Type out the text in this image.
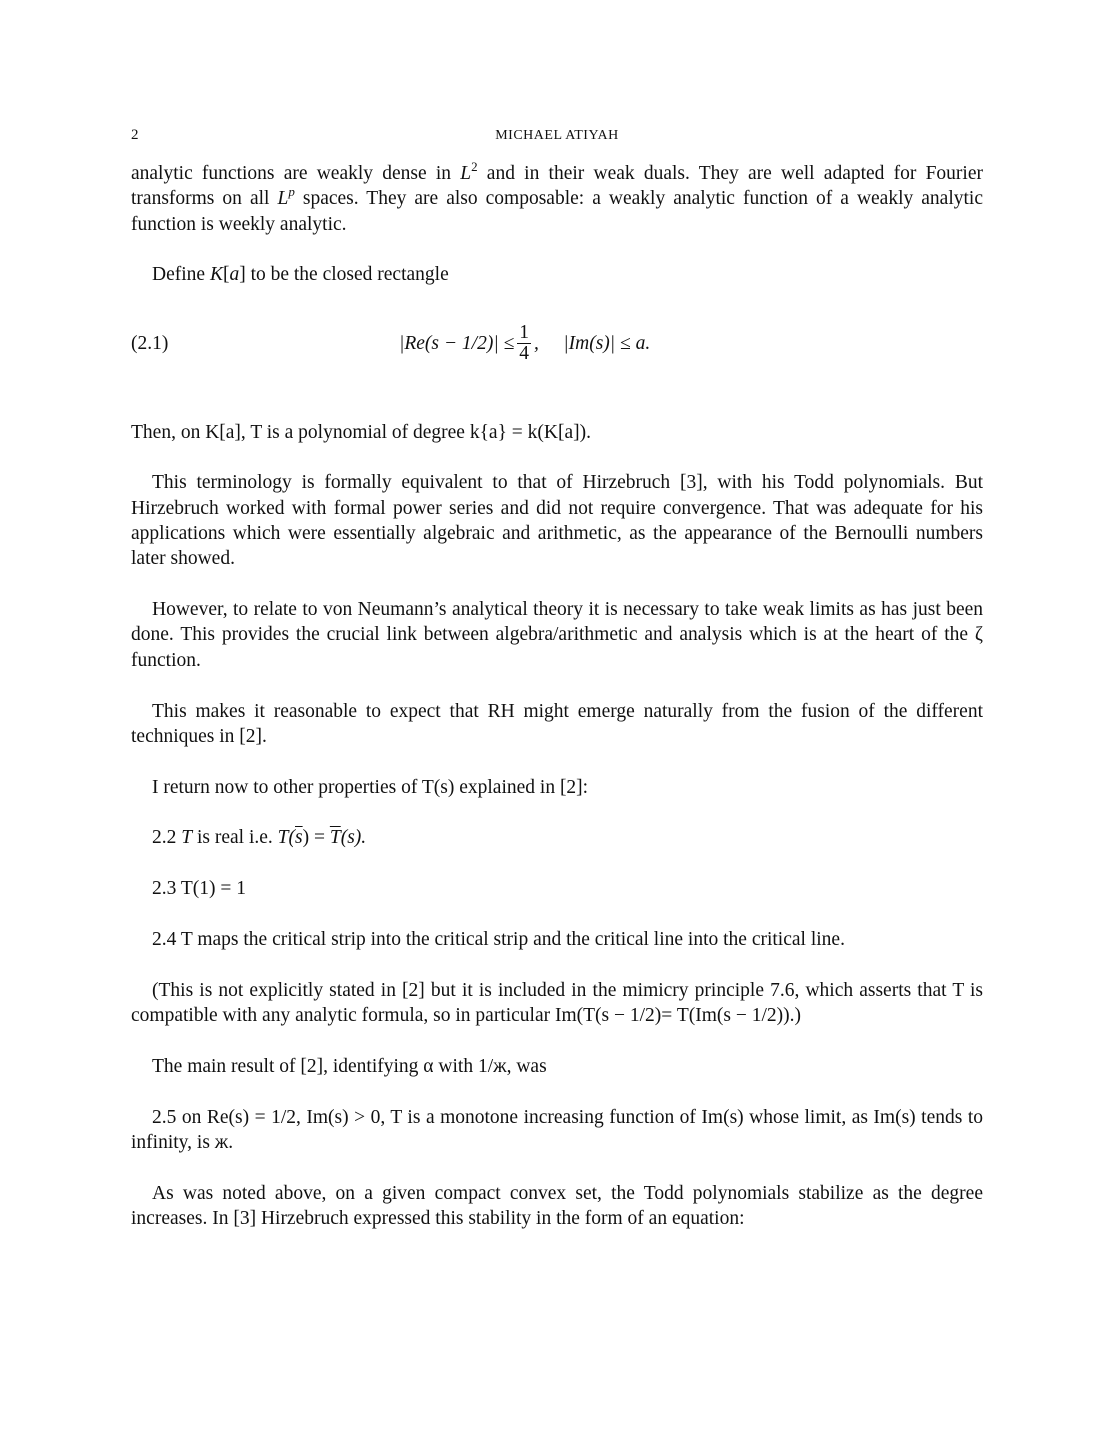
2	MICHAEL ATIYAH

analytic functions are weakly dense in $L^2$ and in their weak duals. They are well adapted for Fourier transforms on all $L^p$ spaces. They are also composable: a weakly analytic function of a weakly analytic function is weekly analytic.

Define K[a] to be the closed rectangle

(2.1)	$|Re(s - 1/2)| \le \frac{1}{4}$ ,     |Im(s)| ≤ a.

Then, on K[a], T is a polynomial of degree k{a} = k(K[a]).

This terminology is formally equivalent to that of Hirzebruch [3], with his Todd polynomials. But Hirzebruch worked with formal power series and did not require convergence. That was adequate for his applications which were essentially algebraic and arithmetic, as the appearance of the Bernoulli numbers later showed.

However, to relate to von Neumann’s analytical theory it is necessary to take weak limits as has just been done. This provides the crucial link between algebra/arithmetic and analysis which is at the heart of the ζ function.

This makes it reasonable to expect that RH might emerge naturally from the fusion of the different techniques in [2].

I return now to other properties of T(s) explained in [2]:

2.2 T is real i.e. $T(\overline{s}) = \overline{T}(s)$.

2.3 T(1) = 1

2.4 T maps the critical strip into the critical strip and the critical line into the critical line.

(This is not explicitly stated in [2] but it is included in the mimicry principle 7.6, which asserts that T is compatible with any analytic formula, so in particular Im(T(s − 1/2)= T(Im(s − 1/2)).)

The main result of [2], identifying α with 1/ж, was

2.5 on Re(s) = 1/2, Im(s) > 0, T is a monotone increasing function of Im(s) whose limit, as Im(s) tends to infinity, is ж.

As was noted above, on a given compact convex set, the Todd polynomials stabilize as the degree increases. In [3] Hirzebruch expressed this stability in the form of an equation:
